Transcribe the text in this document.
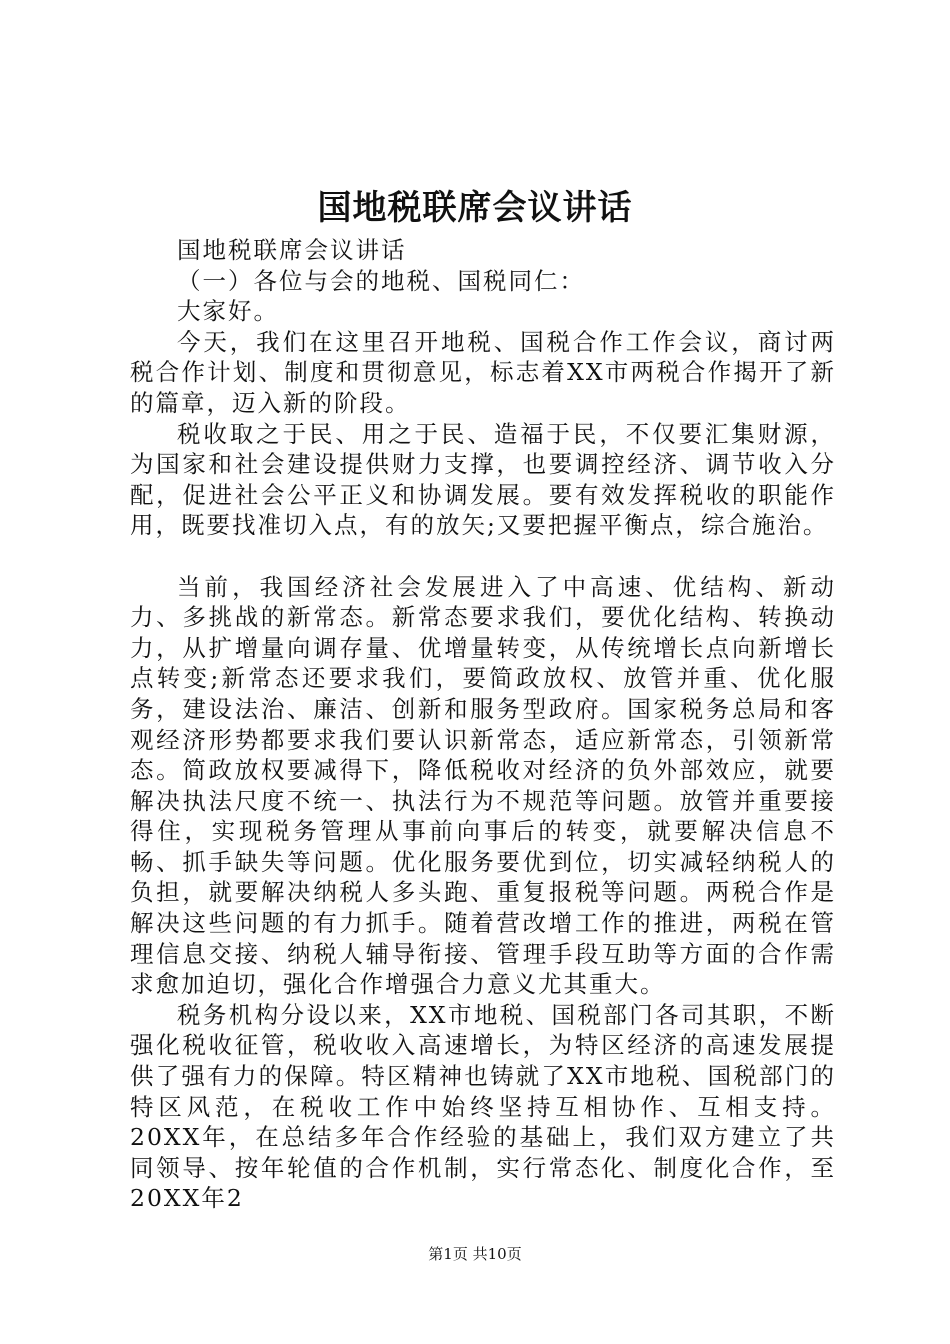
国地税联席会议讲话

国地税联席会议讲话

（一）各位与会的地税、国税同仁：

大家好。

今天，我们在这里召开地税、国税合作工作会议，商讨两税合作计划、制度和贯彻意见，标志着XX市两税合作揭开了新的篇章，迈入新的阶段。

税收取之于民、用之于民、造福于民，不仅要汇集财源，为国家和社会建设提供财力支撑，也要调控经济、调节收入分配，促进社会公平正义和协调发展。要有效发挥税收的职能作用，既要找准切入点，有的放矢;又要把握平衡点，综合施治。

当前，我国经济社会发展进入了中高速、优结构、新动力、多挑战的新常态。新常态要求我们，要优化结构、转换动力，从扩增量向调存量、优增量转变，从传统增长点向新增长点转变;新常态还要求我们，要简政放权、放管并重、优化服务，建设法治、廉洁、创新和服务型政府。国家税务总局和客观经济形势都要求我们要认识新常态，适应新常态，引领新常态。简政放权要减得下，降低税收对经济的负外部效应，就要解决执法尺度不统一、执法行为不规范等问题。放管并重要接得住，实现税务管理从事前向事后的转变，就要解决信息不畅、抓手缺失等问题。优化服务要优到位，切实减轻纳税人的负担，就要解决纳税人多头跑、重复报税等问题。两税合作是解决这些问题的有力抓手。随着营改增工作的推进，两税在管理信息交接、纳税人辅导衔接、管理手段互助等方面的合作需求愈加迫切，强化合作增强合力意义尤其重大。

税务机构分设以来，XX市地税、国税部门各司其职，不断强化税收征管，税收收入高速增长，为特区经济的高速发展提供了强有力的保障。特区精神也铸就了XX市地税、国税部门的特区风范，在税收工作中始终坚持互相协作、互相支持。20XX年，在总结多年合作经验的基础上，我们双方建立了共同领导、按年轮值的合作机制，实行常态化、制度化合作，至20XX年2

第1页 共10页
